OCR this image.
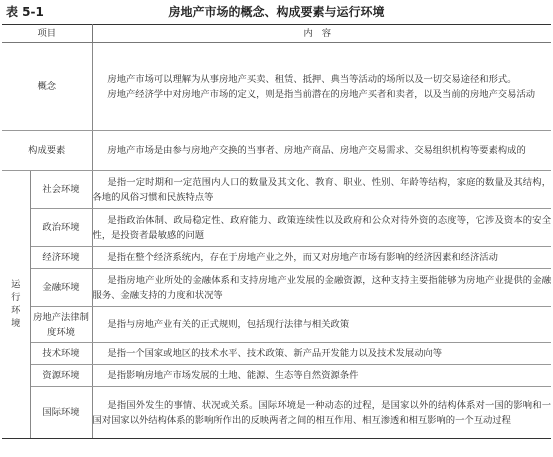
表 5-1	房地产市场的概念、构成要素与运行环境
项目		内容
概念		房地产市场可以理解为从事房地产买卖、租赁、抵押、典当等活动的场所以及一切交易途径和形式。

房地产经济学中对房地产市场的定义，则是指当前潜在的房地产买者和卖者，以及当前的房地产交易活动

构成要素		房地产市场是由参与房地产交换的当事者、房地产商品、房地产交易需求、交易组织机构等要素构成的

运行环境	社会环境	是指一定时期和一定范围内人口的数量及其文化、教育、职业、性别、年龄等结构，家庭的数量及其结构，各地的风俗习惯和民族特点等

	政治环境	是指政治体制、政局稳定性、政府能力、政策连续性以及政府和公众对待外资的态度等，它涉及资本的安全性，是投资者最敏感的问题

	经济环境	是指在整个经济系统内，存在于房地产业之外，而又对房地产市场有影响的经济因素和经济活动

	金融环境	是指房地产业所处的金融体系和支持房地产业发展的金融资源，这种支持主要指能够为房地产业提供的金融服务、金融支持的力度和状况等

	房地产法律制度环境	是指与房地产业有关的正式规则，包括现行法律与相关政策

	技术环境	是指一个国家或地区的技术水平、技术政策、新产品开发能力以及技术发展动向等

	资源环境	是指影响房地产市场发展的土地、能源、生态等自然资源条件

	国际环境	是指国外发生的事情、状况或关系。国际环境是一种动态的过程，是国家以外的结构体系对一国的影响和一国对国家以外结构体系的影响所作出的反映两者之间的相互作用、相互渗透和相互影响的一个互动过程
